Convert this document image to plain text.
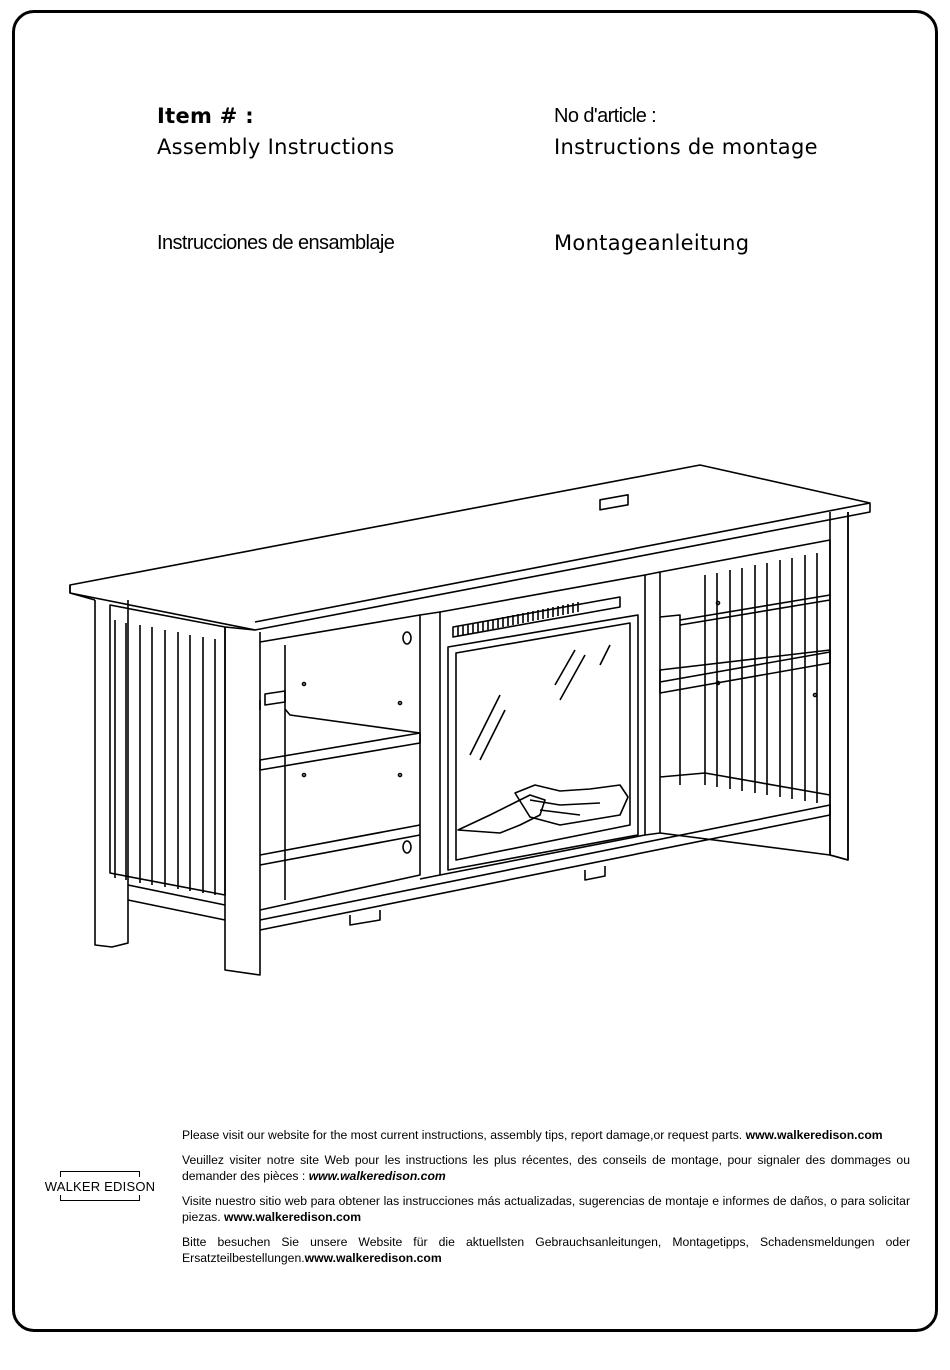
Item # :
Assembly Instructions
No d'article :
Instructions de montage
Instrucciones de ensamblaje	Montageanleitung
WALKER EDISON

Please visit our website for the most current instructions, assembly tips, report damage,or request parts. www.walkeredison.com

Veuillez visiter notre site Web pour les instructions les plus récentes, des conseils de montage, pour signaler des dommages ou demander des pièces : www.walkeredison.com

Visite nuestro sitio web para obtener las instrucciones más actualizadas, sugerencias de montaje e informes de daños, o para solicitar piezas. www.walkeredison.com

Bitte besuchen Sie unsere Website für die aktuellsten Gebrauchsanleitungen, Montagetipps, Schadensmeldungen oder Ersatzteilbestellungen.www.walkeredison.com
